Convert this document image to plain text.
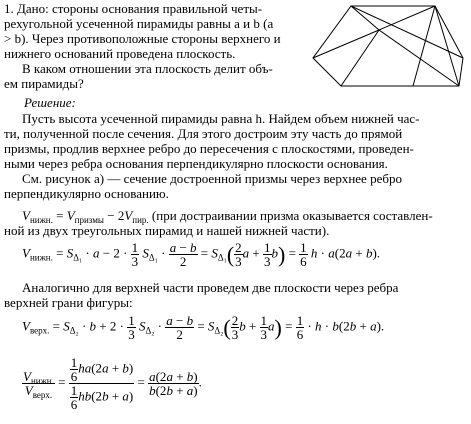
1. Дано: стороны основания правильной четы-

рехугольной усеченной пирамиды равны a и b (a

> b). Через противоположные стороны верхнего и

нижнего оснований проведена плоскость.

В каком отношении эта плоскость делит объ-

ем пирамиды?

Решение:

Пусть высота усеченной пирамиды равна h. Найдем объем нижней час-

ти, полученной после сечения. Для этого достроим эту часть до прямой

призмы, продлив верхнее ребро до пересечения с плоскостями, проведен-

ными через ребра основания перпендикулярно плоскости основания.

См. рисунок а) — сечение достроенной призмы через верхнее ребро

перпендикулярно основанию.

$V_{нижн.} = V_{призмы} - 2V_{пир.}$ (при достраивании призма оказывается составлен-
ной из двух треугольных пирамид и нашей нижней части).
$V_{нижн.} = S_{\Delta_1} \cdot a - 2 \cdot \frac{1}{3} S_{\Delta_1} \cdot \frac{a - b}{2} = S_{\Delta_1}( \frac{2}{3}$ $a + \frac{1}{3} b) = \frac{1}{6}$ h · a(2a + b).

Аналогично для верхней части проведем две плоскости через ребра

верхней грани фигуры:

$V_{верх.} = S_{\Delta_2} \cdot b + 2 \cdot \frac{1}{3} S_{\Delta_2} \cdot \frac{a - b}{2} = S_{\Delta_2}( \frac{2}{3}$ $b + \frac{1}{3} a) = \frac{1}{6} \cdot h \cdot b(2b + a)$.
$\frac{V_{нижн.}}{V_{верх.}} = \frac{\frac{1}{6} ha(2a + b)}{\frac{1}{6} hb(2b + a)} = \frac{a(2a + b)}{b(2b + a)}$ .
